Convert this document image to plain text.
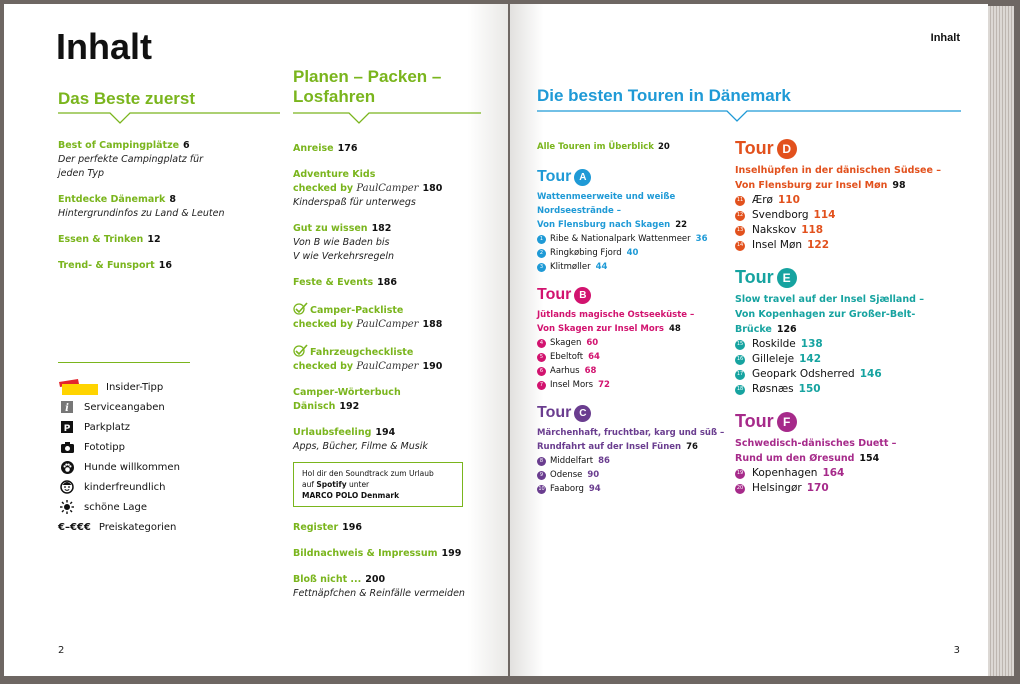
Inhalt
Das Beste zuerst
Best of Campingplätze 6
Der perfekte Campingplatz für
jeden Typ
Entdecke Dänemark 8
Hintergrundinfos zu Land & Leuten
Essen & Trinken 12
Trend- & Funsport 16
Insider-Tipp
i Serviceangaben
P Parkplatz
Fototipp
Hunde willkommen
kinderfreundlich
schöne Lage
€–€€€ Preiskategorien
Planen – Packen –
Losfahren
Anreise 176
Adventure Kids
checked by PaulCamper 180
Kinderspaß für unterwegs
Gut zu wissen 182
Von B wie Baden bis
V wie Verkehrsregeln
Feste & Events 186
Camper-Packliste
checked by PaulCamper 188
Fahrzeugcheckliste
checked by PaulCamper 190
Camper-Wörterbuch
Dänisch 192
Urlaubsfeeling 194
Apps, Bücher, Filme & Musik
Hol dir den Soundtrack zum Urlaub
auf Spotify unter
MARCO POLO Denmark
Register 196
Bildnachweis & Impressum 199
Bloß nicht ... 200
Fettnäpfchen & Reinfälle vermeiden
2
Inhalt
Die besten Touren in Dänemark
Alle Touren im Überblick 20
Tour A
Wattenmeerweite und weiße
Nordseestrände –
Von Flensburg nach Skagen 22
1 Ribe & Nationalpark Wattenmeer 36
2 Ringkøbing Fjord 40
3 Klitmøller 44
Tour B
Jütlands magische Ostseeküste –
Von Skagen zur Insel Mors 48
4 Skagen 60
5 Ebeltoft 64
6 Aarhus 68
7 Insel Mors 72
Tour C
Märchenhaft, fruchtbar, karg und süß –
Rundfahrt auf der Insel Fünen 76
8 Middelfart 86
9 Odense 90
10 Faaborg 94
Tour D
Inselhüpfen in der dänischen Südsee –
Von Flensburg zur Insel Møn 98
11 Ærø 110
12 Svendborg 114
13 Nakskov 118
14 Insel Møn 122
Tour E
Slow travel auf der Insel Sjælland –
Von Kopenhagen zur Großer-Belt-
Brücke 126
15 Roskilde 138
16 Gilleleje 142
17 Geopark Odsherred 146
18 Røsnæs 150
Tour F
Schwedisch-dänisches Duett –
Rund um den Øresund 154
19 Kopenhagen 164
20 Helsingør 170
3
